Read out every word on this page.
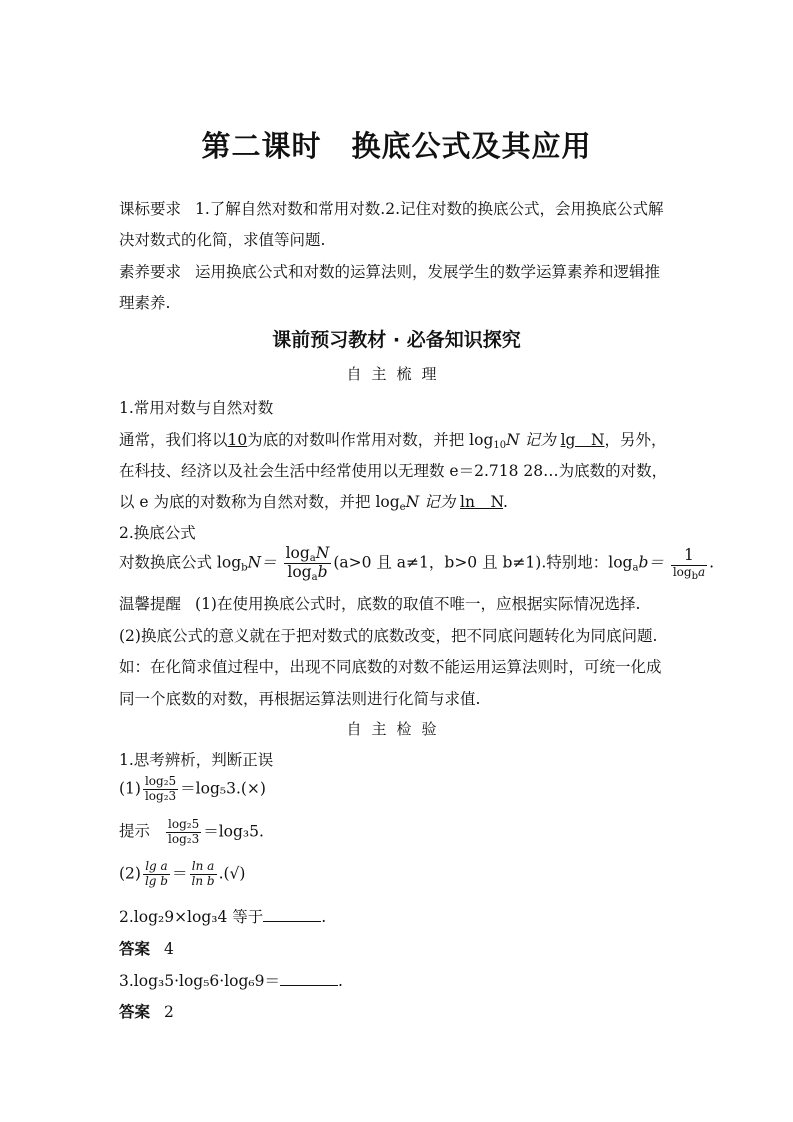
第二课时　换底公式及其应用
课标要求 1.了解自然对数和常用对数.2.记住对数的换底公式，会用换底公式解
决对数式的化简，求值等问题.
素养要求 运用换底公式和对数的运算法则，发展学生的数学运算素养和逻辑推
理素养.
课前预习教材 · 必备知识探究
自主梳理
1.常用对数与自然对数
通常，我们将以10为底的对数叫作常用对数，并把 $\log_{10}N$ 记为 lg　N，另外，
在科技、经济以及社会生活中经常使用以无理数 e＝2.718 28…为底数的对数，
以 e 为底的对数称为自然对数，并把 $\log_eN$ 记为 ln　N.
2.换底公式
对数换底公式 $\log_bN= \frac{\log_aN}{\log_ab} (a>0$ 且 a≠1，b>0 且 b≠1).特别地：$\log_ab= \frac{1}{\log_ba}$ .
温馨提醒 (1)在使用换底公式时，底数的取值不唯一，应根据实际情况选择.
(2)换底公式的意义就在于把对数式的底数改变，把不同底问题转化为同底问题.
如：在化简求值过程中，出现不同底数的对数不能运用运算法则时，可统一化成
同一个底数的对数，再根据运算法则进行化简与求值.
自主检验
1.思考辨析，判断正误
$(1) \frac{\text{log₂5}}{\text{log₂3}} =\log_53.(\times)$
提示 $\frac{\text{log₂5}}{\text{log₂3}} =\log_35$.
$(2) \frac{\text{lg a}}{\text{lg b}} = \frac{\text{ln a}}{\text{ln b}}$ .(√)
2.log₂9×log₃4 等于	.
答案 4
3.log₃5·log₅6·log₆9＝	.
答案 2
